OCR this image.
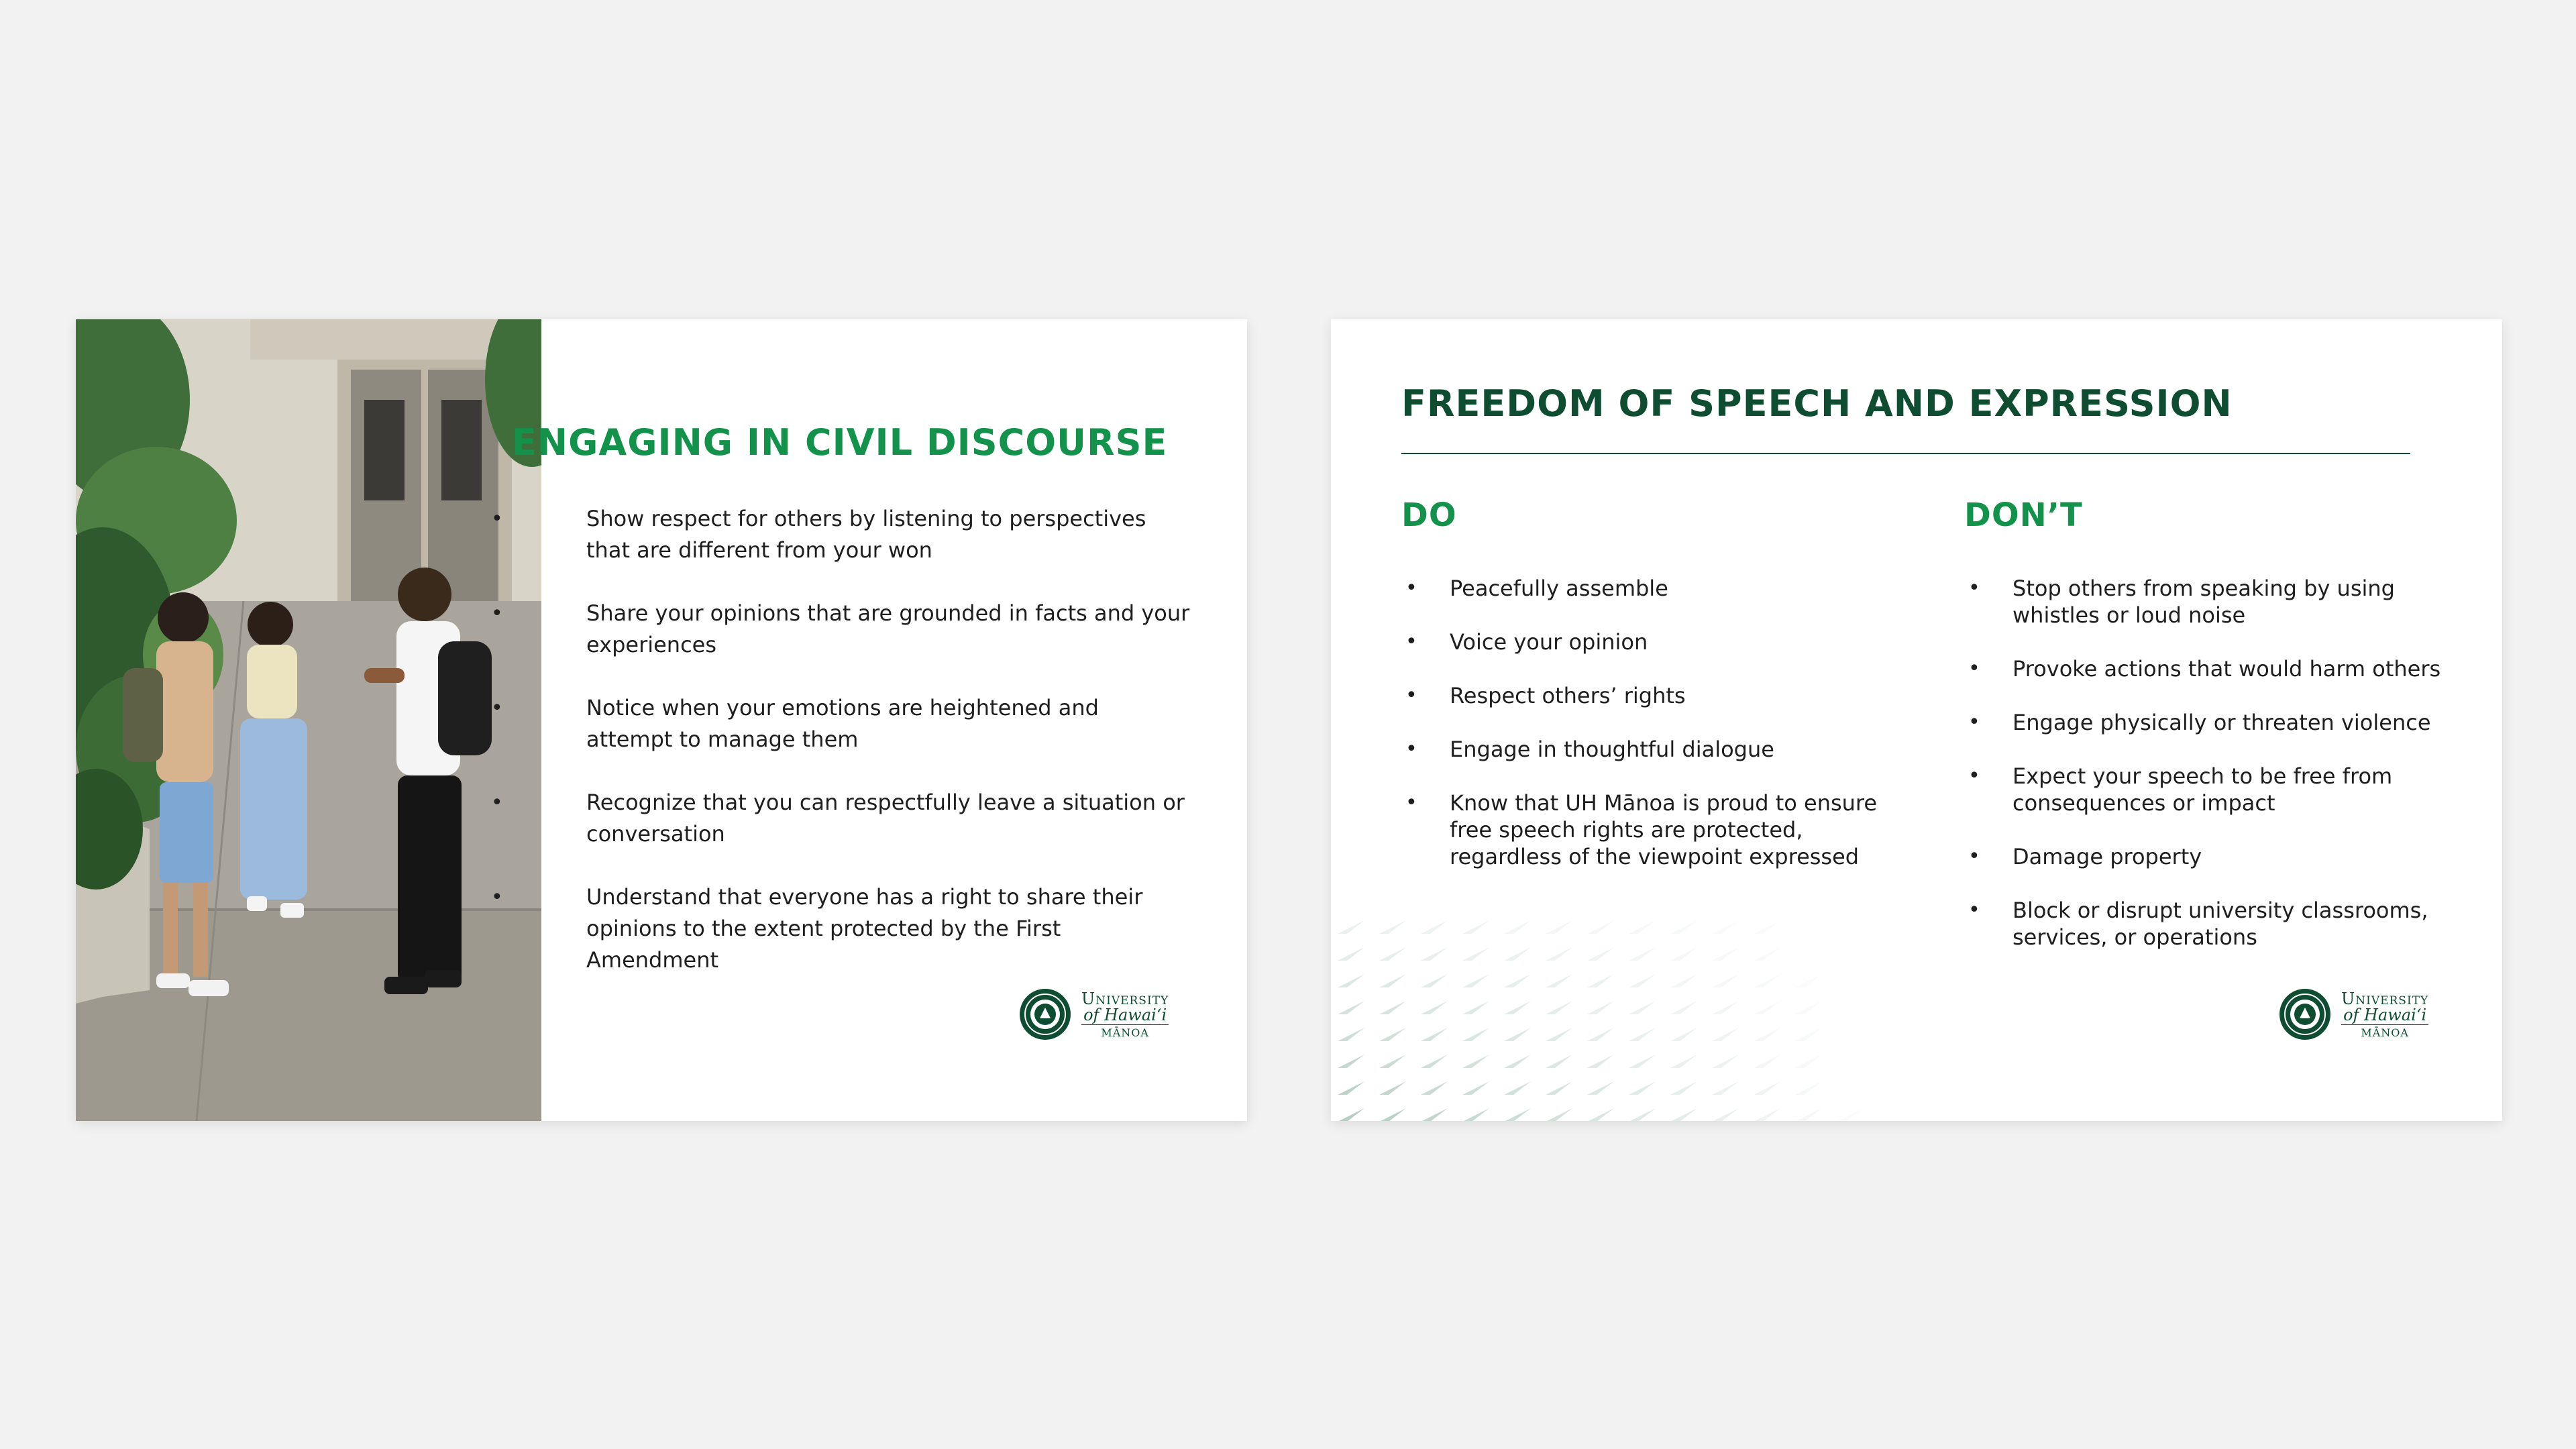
ENGAGING IN CIVIL DISCOURSE
•	Show respect for others by listening to perspectives that are different from your won
•	Share your opinions that are grounded in facts and your experiences
•	Notice when your emotions are heightened and attempt to manage them
•	Recognize that you can respectfully leave a situation or conversation
•	Understand that everyone has a right to share their opinions to the extent protected by the First Amendment
University
of Hawaiʻi
MĀNOA
FREEDOM OF SPEECH AND EXPRESSION
DO	DON’T
• Peacefully assemble
• Voice your opinion
• Respect others’ rights
• Engage in thoughtful dialogue
• Know that UH Mānoa is proud to ensure free speech rights are protected, regardless of the viewpoint expressed
• Stop others from speaking by using whistles or loud noise
• Provoke actions that would harm others
• Engage physically or threaten violence
• Expect your speech to be free from consequences or impact
• Damage property
• Block or disrupt university classrooms, services, or operations
University
of Hawaiʻi
MĀNOA
